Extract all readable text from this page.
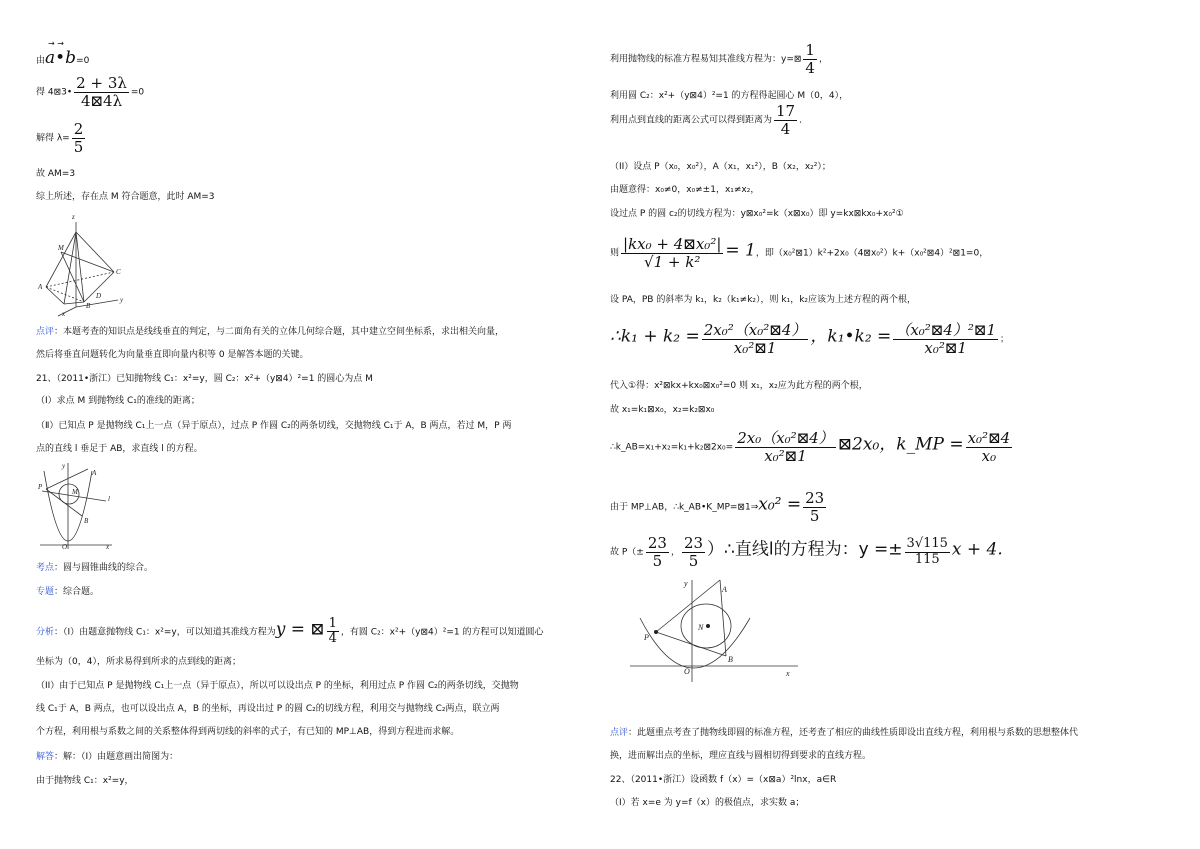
→ →
由a•b=0
得 4⊠3• $\frac{2 + 3\lambda}{4⊠4\lambda} =0$
解得 $\lambda= \frac{2}{5}$
故 AM=3
综上所述，存在点 M 符合题意，此时 AM=3
z
M
C
A
B
D	y
x
点评：本题考查的知识点是线线垂直的判定，与二面角有关的立体几何综合题，其中建立空间坐标系，求出相关向量，
然后将垂直问题转化为向量垂直即向量内积等 0 是解答本题的关键。
21、（2011•浙江）已知抛物线 C₁：x²=y，圆 C₂：x²+（y⊠4）²=1 的圆心为点 M
（Ⅰ）求点 M 到抛物线 C₁的准线的距离；
（Ⅱ）已知点 P 是抛物线 C₁上一点（异于原点），过点 P 作圆 C₂的两条切线，交抛物线 C₁于 A，B 两点，若过 M，P 两
点的直线 l 垂足于 AB，求直线 l 的方程。
y
P
M
A
l
B
O	x
考点：圆与圆锥曲线的综合。
专题：综合题。
分析：（I）由题意抛物线 C₁：x²=y，可以知道其准线方程为y = ⊠ $\frac{1}{4}$ ，有圆 C₂：x²+（y⊠4）²=1 的方程可以知道圆心
坐标为（0，4），所求易得到所求的点到线的距离；
（II）由于已知点 P 是抛物线 C₁上一点（异于原点），所以可以设出点 P 的坐标，利用过点 P 作圆 C₂的两条切线，交抛物
线 C₁于 A，B 两点，也可以设出点 A，B 的坐标，再设出过 P 的圆 C₂的切线方程，利用交与抛物线 C₂两点，联立两
个方程，利用根与系数之间的关系整体得到两切线的斜率的式子，有已知的 MP⊥AB，得到方程进而求解。
解答：解：（I）由题意画出简图为：
由于抛物线 C₁：x²=y，
利用抛物线的标准方程易知其准线方程为：y=⊠ $\frac{1}{4}$ ，
利用圆 C₂：x²+（y⊠4）²=1 的方程得起圆心 M（0，4），
利用点到直线的距离公式可以得到距离为 $\frac{17}{4}$ ．
（II）设点 P（x₀，x₀²），A（x₁，x₁²），B（x₂，x₂²）；
由题意得：x₀≠0，x₀≠±1，x₁≠x₂，
设过点 P 的圆 c₂的切线方程为：y⊠x₀²=k（x⊠x₀）即 y=kx⊠kx₀+x₀²①
则 $\frac{\text{|kx₀ + 4⊠x₀²|}}{\text{√1 + k²}} = 1$，即（x₀²⊠1）k²+2x₀（4⊠x₀²）k+（x₀²⊠4）²⊠1=0，
设 PA，PB 的斜率为 k₁，k₂（k₁≠k₂），则 k₁，k₂应该为上述方程的两个根，
∴k₁ + $k_2 = \frac{\text{2x₀²（x₀²⊠4）}}{\text{x₀²⊠1}}$ ，k₁•k₂ = $\frac{\text{（x₀²⊠4）²⊠1}}{\text{x₀²⊠1}}$ ；
代入①得：x²⊠kx+kx₀⊠x₀²=0 则 x₁，x₂应为此方程的两个根，
故 x₁=k₁⊠x₀，x₂=k₂⊠x₀
∴k_AB=x₁+x₂=k₁+k₂⊠2x₀= $\frac{\text{2x₀（x₀²⊠4）}}{\text{x₀²⊠1}}$ ⊠2x₀，k_MP = $\frac{\text{x₀²⊠4}}{\text{x₀}}$
由于 MP⊥AB，∴k_AB•K_MP=⊠1⇒x₀² = $\frac{23}{5}$
故 $P(\pm \frac{23}{5}$ ， $\frac{23}{5}$ ）∴直线l的方程为：$y =\pm \frac{3√115}{115}$ x + 4.
y
A
N
P
B
O	x
点评：此题重点考查了抛物线即圆的标准方程，还考查了相应的曲线性质即设出直线方程，利用根与系数的思想整体代
换，进而解出点的坐标，理应直线与圆相切得到要求的直线方程。
22、（2011•浙江）设函数 f（x）=（x⊠a）²lnx，a∈R
（Ⅰ）若 x=e 为 y=f（x）的极值点，求实数 a；
